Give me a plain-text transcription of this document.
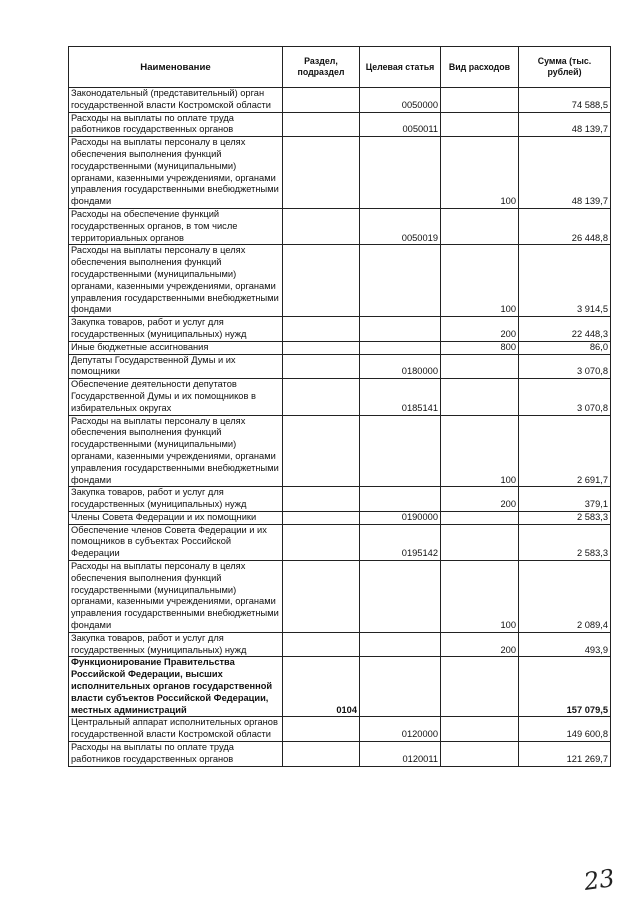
Наименование	Раздел, подраздел	Целевая статья	Вид расходов	Сумма (тыс. рублей)
Законодательный (представительный) орган государственной власти Костромской области		0050000		74 588,5
Расходы на выплаты по оплате труда работников государственных органов		0050011		48 139,7
Расходы на выплаты персоналу в целях обеспечения выполнения функций государственными (муниципальными) органами, казенными учреждениями, органами управления государственными внебюджетными фондами			100	48 139,7
Расходы на обеспечение функций государственных органов, в том числе территориальных органов		0050019		26 448,8
Расходы на выплаты персоналу в целях обеспечения выполнения функций государственными (муниципальными) органами, казенными учреждениями, органами управления государственными внебюджетными фондами			100	3 914,5
Закупка товаров, работ и услуг для государственных (муниципальных) нужд			200	22 448,3
Иные бюджетные ассигнования			800	86,0
Депутаты Государственной Думы и их помощники		0180000		3 070,8
Обеспечение деятельности депутатов Государственной Думы и их помощников в избирательных округах		0185141		3 070,8
Расходы на выплаты персоналу в целях обеспечения выполнения функций государственными (муниципальными) органами, казенными учреждениями, органами управления государственными внебюджетными фондами			100	2 691,7
Закупка товаров, работ и услуг для государственных (муниципальных) нужд			200	379,1
Члены Совета Федерации и их помощники		0190000		2 583,3
Обеспечение членов Совета Федерации и их помощников в субъектах Российской Федерации		0195142		2 583,3
Расходы на выплаты персоналу в целях обеспечения выполнения функций государственными (муниципальными) органами, казенными учреждениями, органами управления государственными внебюджетными фондами			100	2 089,4
Закупка товаров, работ и услуг для государственных (муниципальных) нужд			200	493,9
Функционирование Правительства Российской Федерации, высших исполнительных органов государственной власти субъектов Российской Федерации, местных администраций	0104			157 079,5
Центральный аппарат исполнительных органов государственной власти Костромской области		0120000		149 600,8
Расходы на выплаты по оплате труда работников государственных органов		0120011		121 269,7
23
